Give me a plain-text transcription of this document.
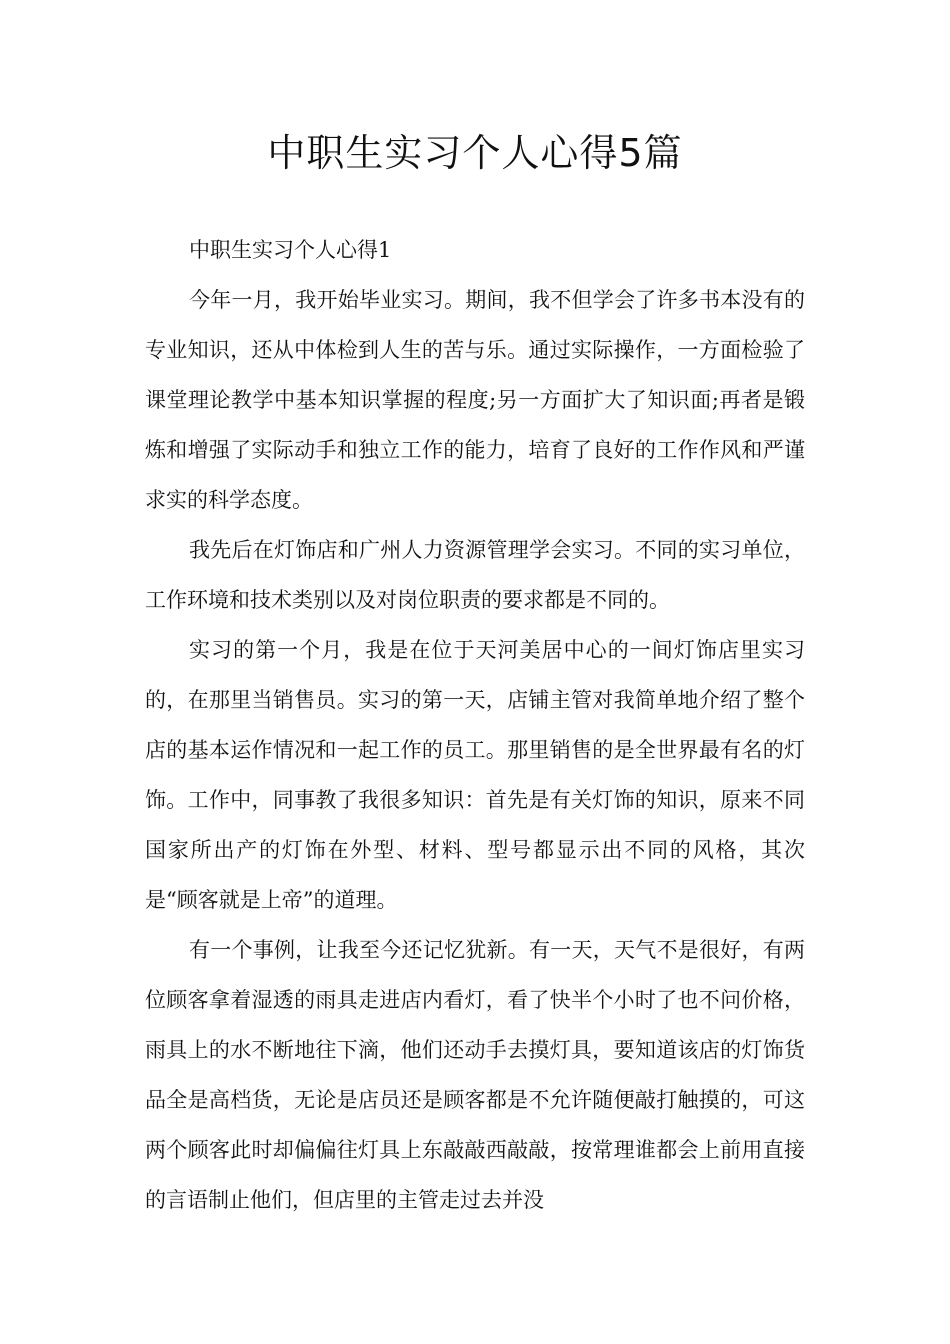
中职生实习个人心得5篇

中职生实习个人心得1

今年一月，我开始毕业实习。期间，我不但学会了许多书本没有的专业知识，还从中体检到人生的苦与乐。通过实际操作，一方面检验了课堂理论教学中基本知识掌握的程度;另一方面扩大了知识面;再者是锻炼和增强了实际动手和独立工作的能力，培育了良好的工作作风和严谨求实的科学态度。

我先后在灯饰店和广州人力资源管理学会实习。不同的实习单位，工作环境和技术类别以及对岗位职责的要求都是不同的。

实习的第一个月，我是在位于天河美居中心的一间灯饰店里实习的，在那里当销售员。实习的第一天，店铺主管对我简单地介绍了整个店的基本运作情况和一起工作的员工。那里销售的是全世界最有名的灯饰。工作中，同事教了我很多知识：首先是有关灯饰的知识，原来不同国家所出产的灯饰在外型、材料、型号都显示出不同的风格，其次是“顾客就是上帝”的道理。

有一个事例，让我至今还记忆犹新。有一天，天气不是很好，有两位顾客拿着湿透的雨具走进店内看灯，看了快半个小时了也不问价格，雨具上的水不断地往下滴，他们还动手去摸灯具，要知道该店的灯饰货品全是高档货，无论是店员还是顾客都是不允许随便敲打触摸的，可这两个顾客此时却偏偏往灯具上东敲敲西敲敲，按常理谁都会上前用直接的言语制止他们，但店里的主管走过去并没
